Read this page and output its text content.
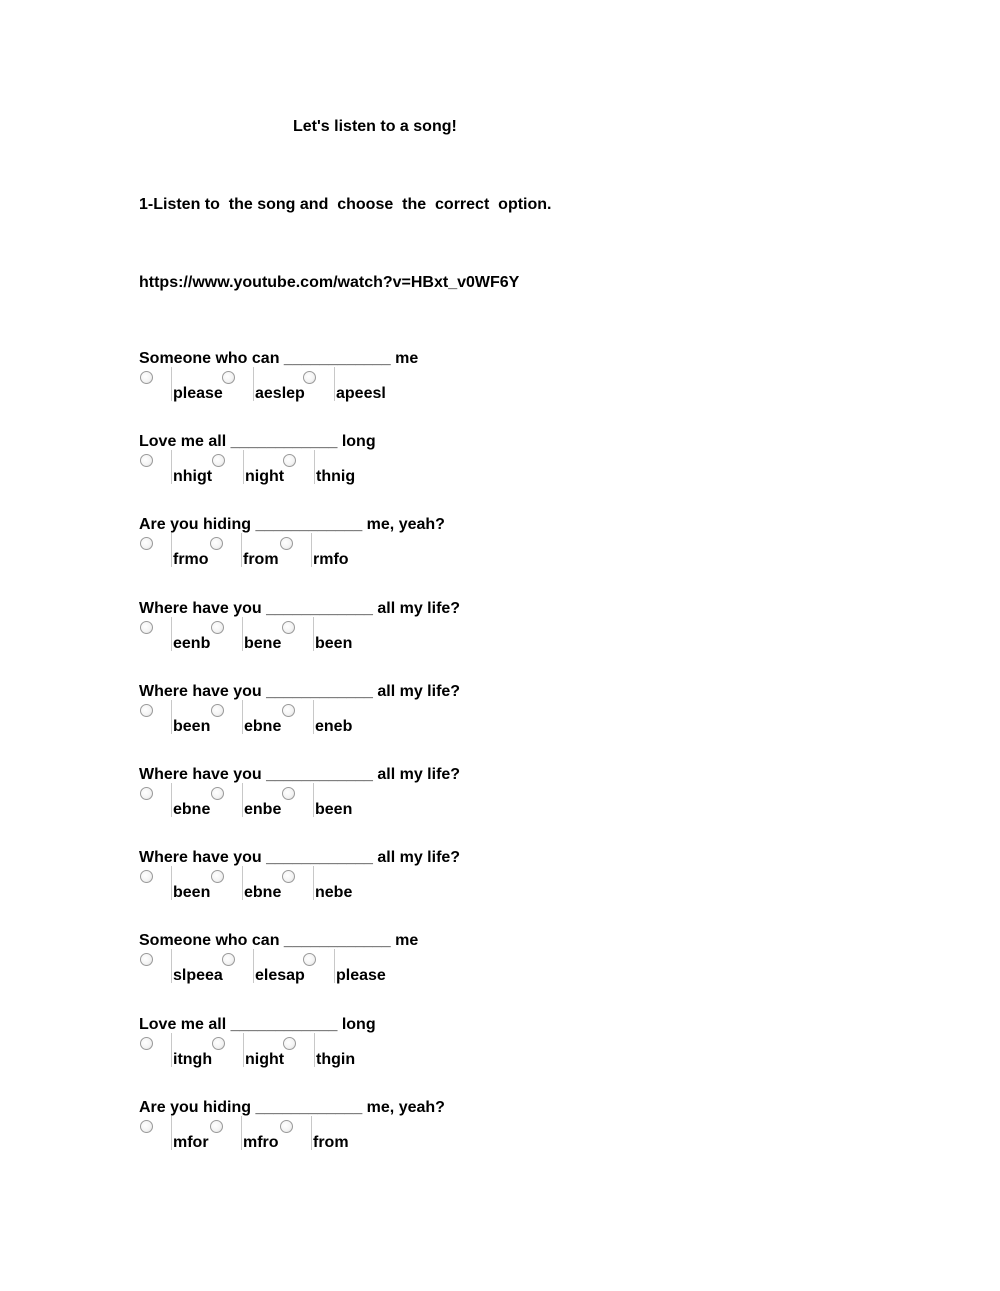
Let's listen to a song!
1-Listen to  the song and  choose  the  correct  option.
https://www.youtube.com/watch?v=HBxt_v0WF6Y
Someone who can ____________ me
please aeslep apeesl
Love me all ____________ long
nhigt night thnig
Are you hiding ____________ me, yeah?
frmo from rmfo
Where have you ____________ all my life?
eenb bene been
Where have you ____________ all my life?
been ebne eneb
Where have you ____________ all my life?
ebne enbe been
Where have you ____________ all my life?
been ebne nebe
Someone who can ____________ me
slpeea elesap please
Love me all ____________ long
itngh night thgin
Are you hiding ____________ me, yeah?
mfor mfro from
